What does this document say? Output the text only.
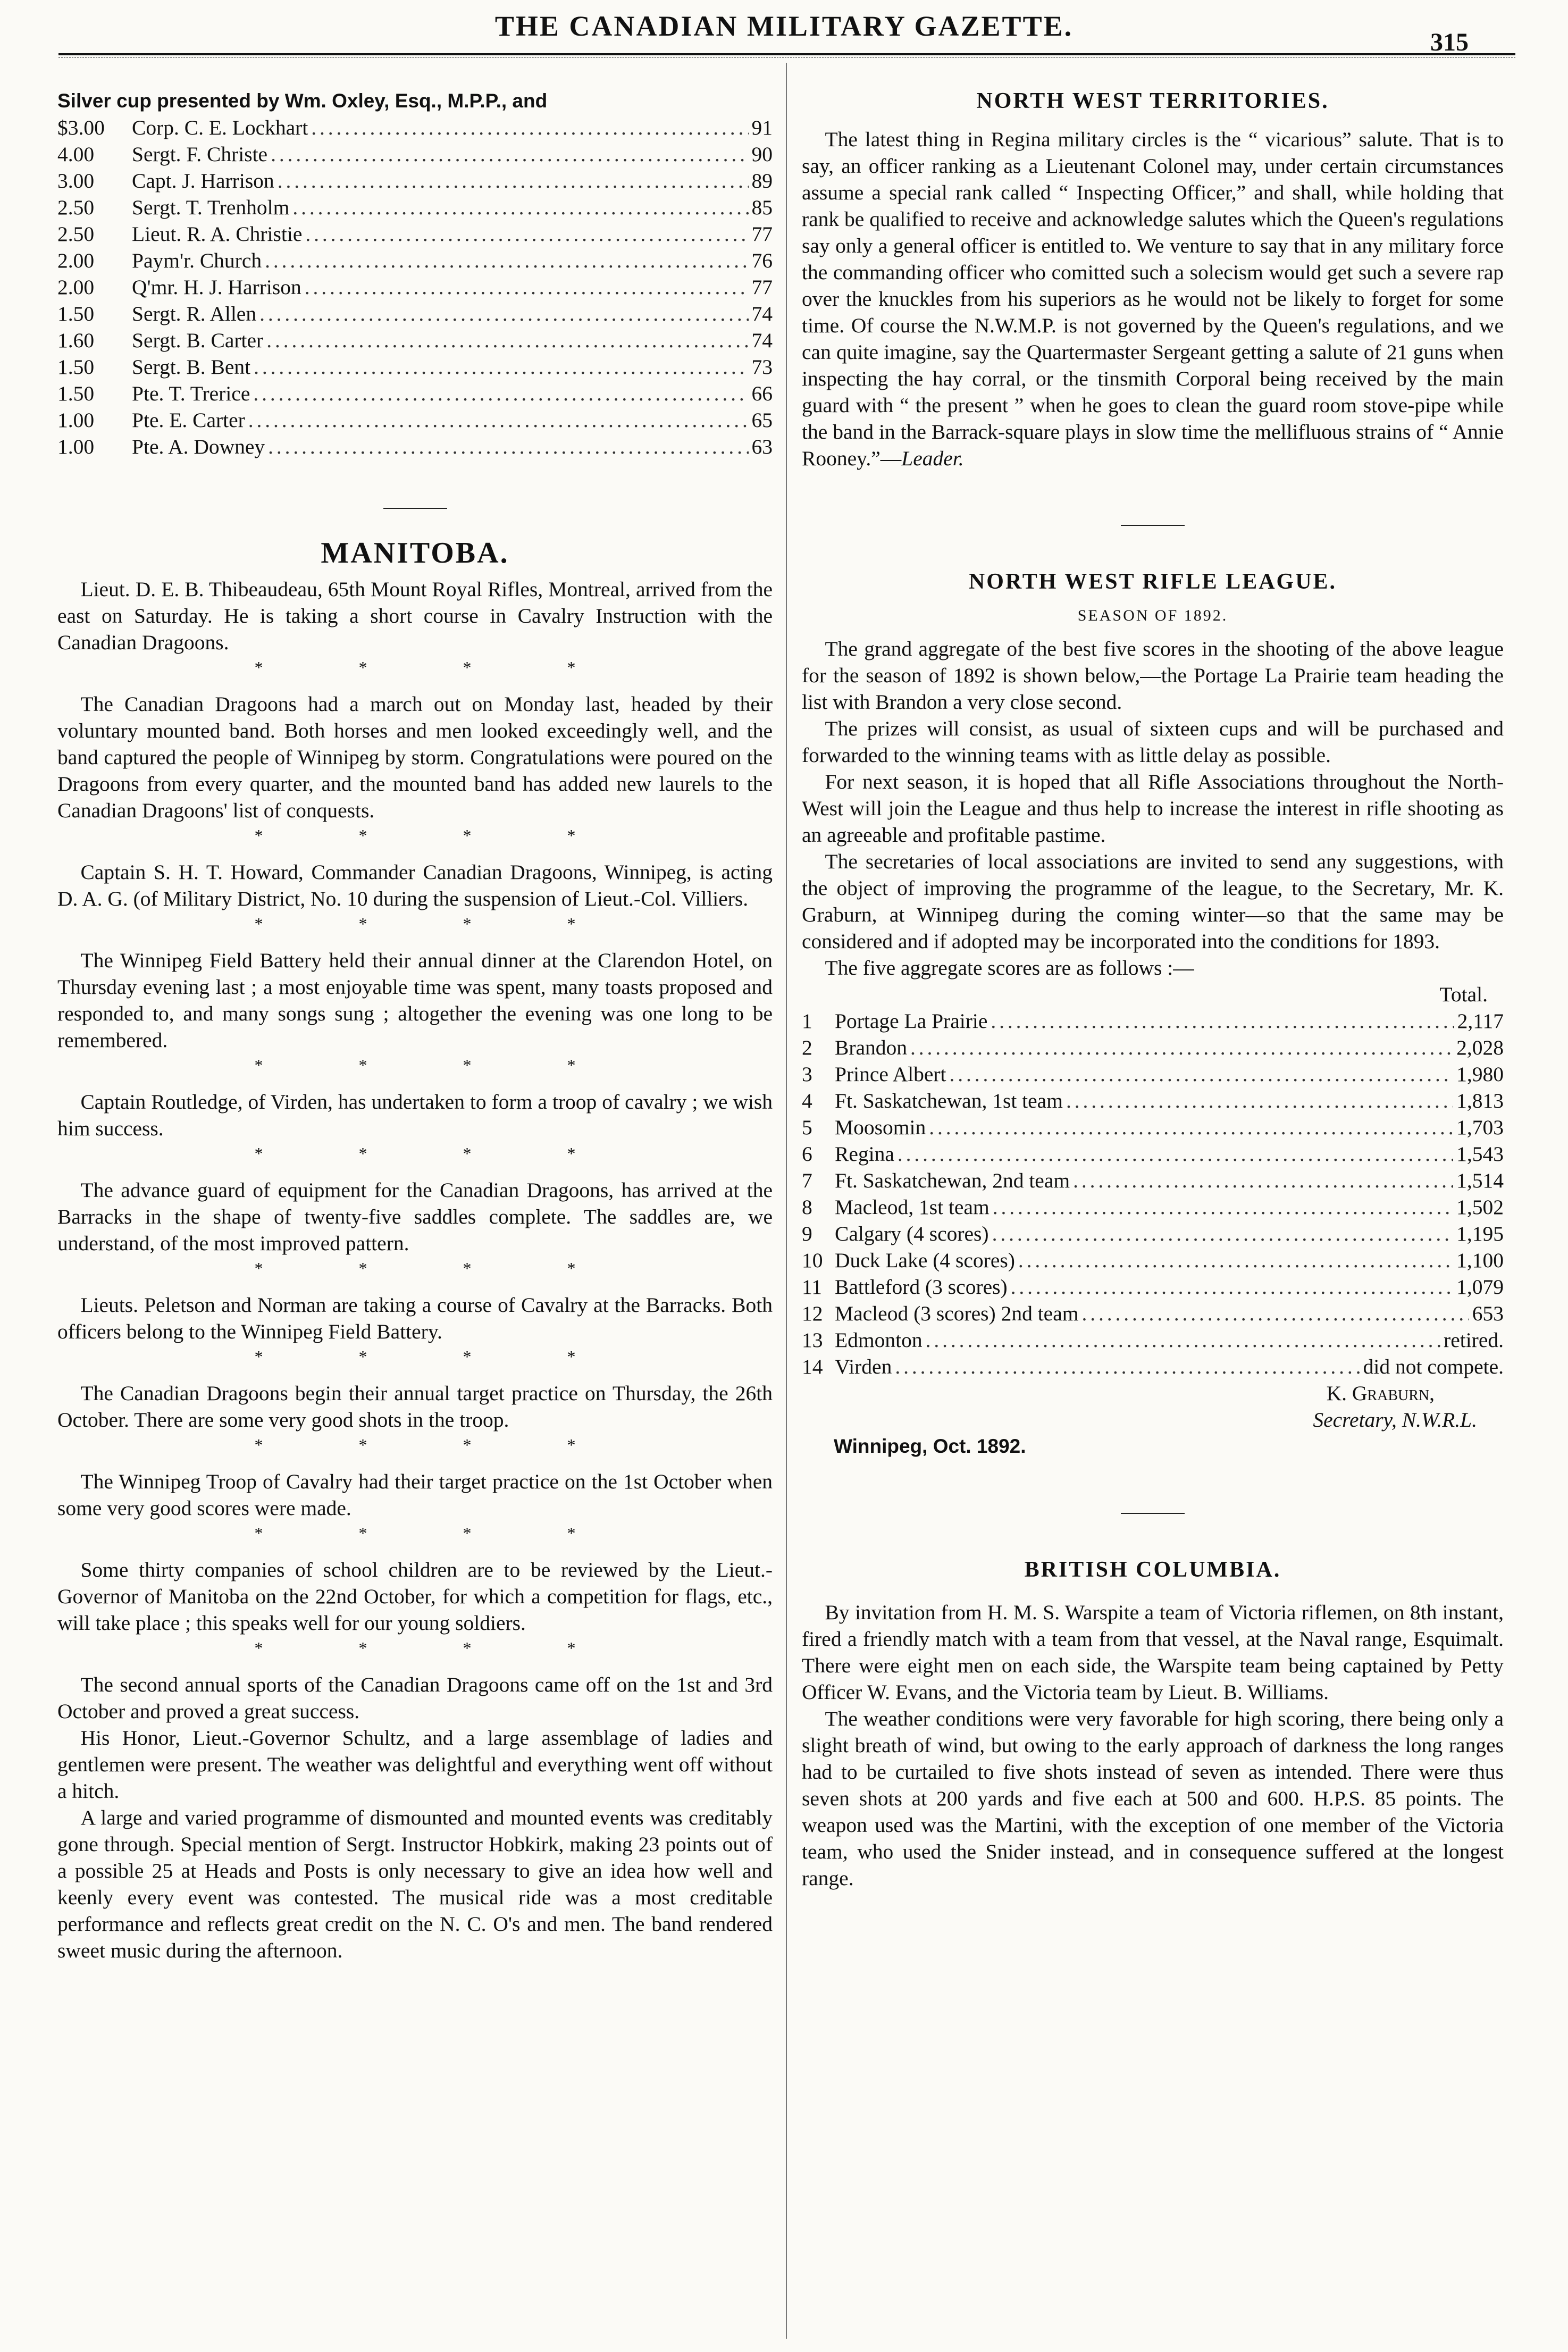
THE CANADIAN MILITARY GAZETTE.
315

Silver cup presented by Wm. Oxley, Esq., M.P.P., and

$3.00 Corp. C. E. Lockhart . . .	91
4.00 Sergt. F. Christe . . .	90
3.00 Capt. J. Harrison . . .	89
2.50 Sergt. T. Trenholm . . .	85
2.50 Lieut. R. A. Christie . . .	77
2.00 Paym'r. Church . . .	76
2.00 Q'mr. H. J. Harrison . . .	77
1.50 Sergt. R. Allen . . .	74
1.60 Sergt. B. Carter . . .	74
1.50 Sergt. B. Bent . . .	73
1.50 Pte. T. Trerice . . .	66
1.00 Pte. E. Carter . . .	65
1.00 Pte. A. Downey . . .	63
MANITOBA.

Lieut. D. E. B. Thibeaudeau, 65th Mount Royal Rifles, Montreal, arrived from the east on Saturday. He is taking a short course in Cavalry Instruction with the Canadian Dragoons.

* * * *

The Canadian Dragoons had a march out on Monday last, headed by their voluntary mounted band. Both horses and men looked exceedingly well, and the band captured the people of Winnipeg by storm. Congratulations were poured on the Dragoons from every quarter, and the mounted band has added new laurels to the Canadian Dragoons' list of conquests.

* * * *

Captain S. H. T. Howard, Commander Canadian Dragoons, Winnipeg, is acting D. A. G. (of Military District, No. 10 during the suspension of Lieut.-Col. Villiers.

* * * *

The Winnipeg Field Battery held their annual dinner at the Clarendon Hotel, on Thursday evening last ; a most enjoyable time was spent, many toasts proposed and responded to, and many songs sung ; altogether the evening was one long to be remembered.

* * * *

Captain Routledge, of Virden, has undertaken to form a troop of cavalry ; we wish him success.

* * * *

The advance guard of equipment for the Canadian Dragoons, has arrived at the Barracks in the shape of twenty-five saddles complete. The saddles are, we understand, of the most improved pattern.

* * * *

Lieuts. Peletson and Norman are taking a course of Cavalry at the Barracks. Both officers belong to the Winnipeg Field Battery.

* * * *

The Canadian Dragoons begin their annual target practice on Thursday, the 26th October. There are some very good shots in the troop.

* * * *

The Winnipeg Troop of Cavalry had their target practice on the 1st October when some very good scores were made.

* * * *

Some thirty companies of school children are to be reviewed by the Lieut.-Governor of Manitoba on the 22nd October, for which a competition for flags, etc., will take place ; this speaks well for our young soldiers.

* * * *

The second annual sports of the Canadian Dragoons came off on the 1st and 3rd October and proved a great success.

His Honor, Lieut.-Governor Schultz, and a large assemblage of ladies and gentlemen were present. The weather was delightful and everything went off without a hitch.

A large and varied programme of dismounted and mounted events was creditably gone through. Special mention of Sergt. Instructor Hobkirk, making 23 points out of a possible 25 at Heads and Posts is only necessary to give an idea how well and keenly every event was contested. The musical ride was a most creditable performance and reflects great credit on the N. C. O's and men. The band rendered sweet music during the afternoon.

NORTH WEST TERRITORIES.

The latest thing in Regina military circles is the “ vicarious” salute. That is to say, an officer ranking as a Lieutenant Colonel may, under certain circumstances assume a special rank called “ Inspecting Officer,” and shall, while holding that rank be qualified to receive and acknowledge salutes which the Queen's regulations say only a general officer is entitled to. We venture to say that in any military force the commanding officer who comitted such a solecism would get such a severe rap over the knuckles from his superiors as he would not be likely to forget for some time. Of course the N.W.M.P. is not governed by the Queen's regulations, and we can quite imagine, say the Quartermaster Sergeant getting a salute of 21 guns when inspecting the hay corral, or the tinsmith Corporal being received by the main guard with “ the present ” when he goes to clean the guard room stove-pipe while the band in the Barrack-square plays in slow time the mellifluous strains of “ Annie Rooney.”—Leader.

NORTH WEST RIFLE LEAGUE.
SEASON OF 1892.

The grand aggregate of the best five scores in the shooting of the above league for the season of 1892 is shown below,—the Portage La Prairie team heading the list with Brandon a very close second.

The prizes will consist, as usual of sixteen cups and will be purchased and forwarded to the winning teams with as little delay as possible.

For next season, it is hoped that all Rifle Associations throughout the North-West will join the League and thus help to increase the interest in rifle shooting as an agreeable and profitable pastime.

The secretaries of local associations are invited to send any suggestions, with the object of improving the programme of the league, to the Secretary, Mr. K. Graburn, at Winnipeg during the coming winter—so that the same may be considered and if adopted may be incorporated into the conditions for 1893.

The five aggregate scores are as follows :—

Total.
1 Portage La Prairie . . .	2,117
2 Brandon . . .	2,028
3 Prince Albert . . .	1,980
4 Ft. Saskatchewan, 1st team . . .	1,813
5 Moosomin . . .	1,703
6 Regina . . .	1,543
7 Ft. Saskatchewan, 2nd team . . .	1,514
8 Macleod, 1st team . . .	1,502
9 Calgary (4 scores) . . .	1,195
10 Duck Lake (4 scores) . . .	1,100
11 Battleford (3 scores) . . .	1,079
12 Macleod (3 scores) 2nd team . . .	653
13 Edmonton . . .	retired.
14 Virden . . .	did not compete.
K. Graburn,
Secretary, N.W.R.L.
Winnipeg, Oct. 1892.
BRITISH COLUMBIA.

By invitation from H. M. S. Warspite a team of Victoria riflemen, on 8th instant, fired a friendly match with a team from that vessel, at the Naval range, Esquimalt. There were eight men on each side, the Warspite team being captained by Petty Officer W. Evans, and the Victoria team by Lieut. B. Williams.

The weather conditions were very favorable for high scoring, there being only a slight breath of wind, but owing to the early approach of darkness the long ranges had to be curtailed to five shots instead of seven as intended. There were thus seven shots at 200 yards and five each at 500 and 600. H.P.S. 85 points. The weapon used was the Martini, with the exception of one member of the Victoria team, who used the Snider instead, and in consequence suffered at the longest range.
